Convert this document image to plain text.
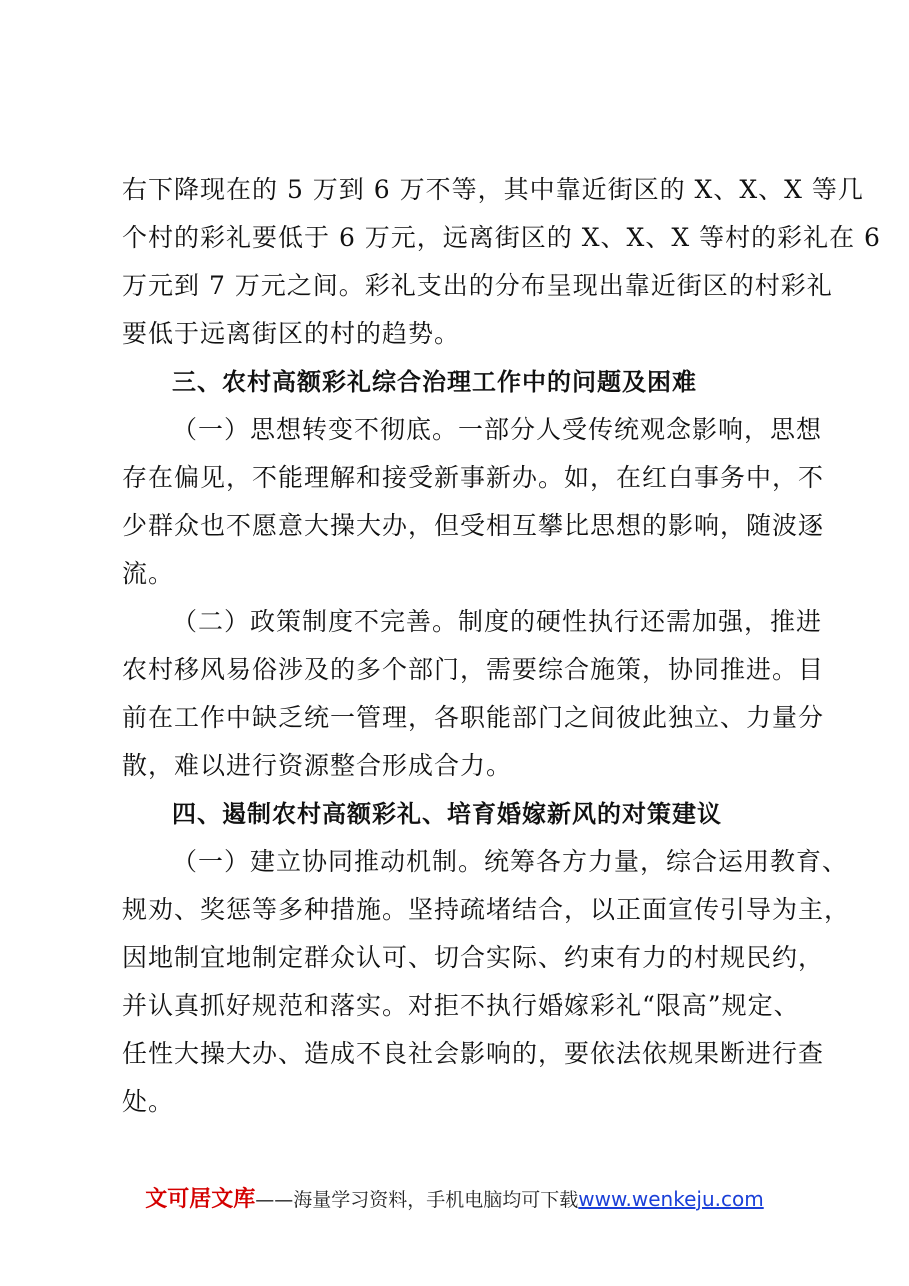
右下降现在的 5 万到 6 万不等，其中靠近街区的 X、X、X 等几
个村的彩礼要低于 6 万元，远离街区的 X、X、X 等村的彩礼在 6
万元到 7 万元之间。彩礼支出的分布呈现出靠近街区的村彩礼
要低于远离街区的村的趋势。
三、农村高额彩礼综合治理工作中的问题及困难
（一）思想转变不彻底。一部分人受传统观念影响，思想
存在偏见，不能理解和接受新事新办。如，在红白事务中，不
少群众也不愿意大操大办，但受相互攀比思想的影响，随波逐
流。
（二）政策制度不完善。制度的硬性执行还需加强，推进
农村移风易俗涉及的多个部门，需要综合施策，协同推进。目
前在工作中缺乏统一管理，各职能部门之间彼此独立、力量分
散，难以进行资源整合形成合力。
四、遏制农村高额彩礼、培育婚嫁新风的对策建议
（一）建立协同推动机制。统筹各方力量，综合运用教育、
规劝、奖惩等多种措施。坚持疏堵结合，以正面宣传引导为主，
因地制宜地制定群众认可、切合实际、约束有力的村规民约，
并认真抓好规范和落实。对拒不执行婚嫁彩礼“限高”规定、
任性大操大办、造成不良社会影响的，要依法依规果断进行查
处。
文可居文库——海量学习资料，手机电脑均可下载www.wenkeju.com
